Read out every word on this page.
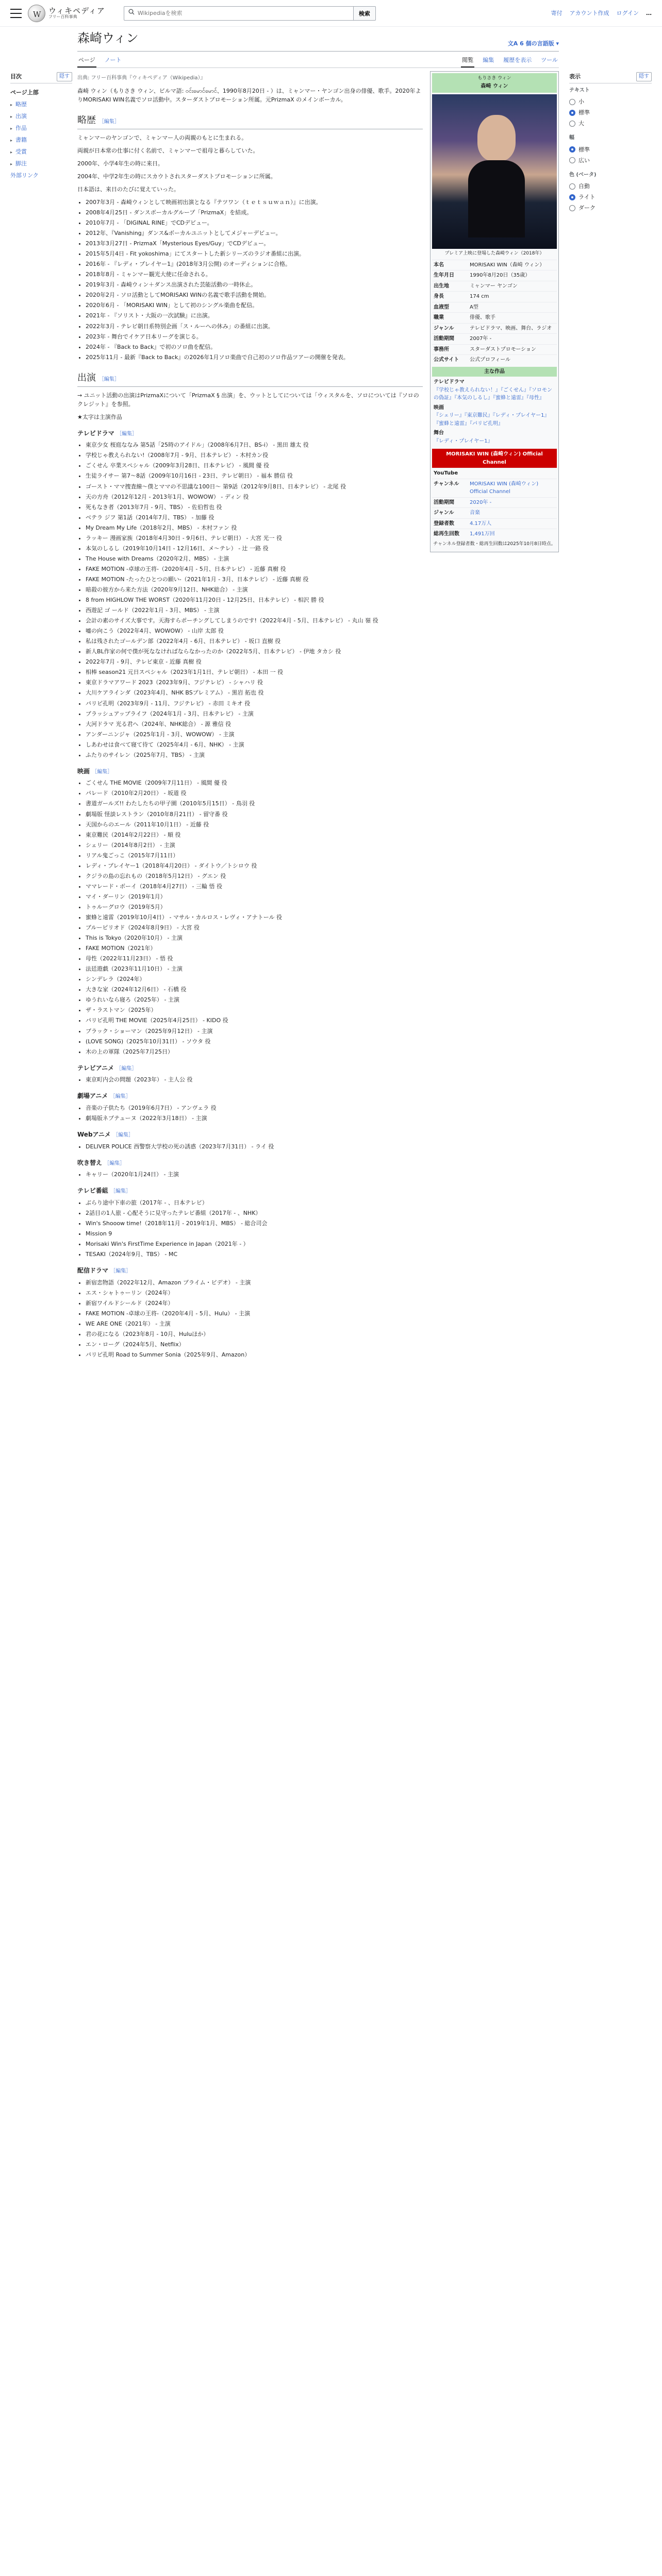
W
ウィキペディア
フリー百科事典
Wikipediaを検索
検索	寄付 アカウント作成 ログイン …
目次	隠す
ページ上部
▸ 略歴
▸ 出演
▸ 作品
▸ 書籍
▸ 受賞
▸ 脚注
外部リンク
森崎ウィン	文A 6 個の言語版 ▾
ページ ノート	閲覧 編集 履歴を表示 ツール
出典: フリー百科事典『ウィキペディア（Wikipedia）』

森崎 ウィン（もりさき ウィン、ビルマ語: ဝင်းမောင်မောင်、1990年8月20日 - ）は、ミャンマー・ヤンゴン出身の俳優、歌手。2020年よりMORISAKI WIN名義でソロ活動中。スターダストプロモーション所属。元PrizmaX のメインボーカル。

略歴 ［編集］

ミャンマーのヤンゴンで、ミャンマー人の両親のもとに生まれる。

両親が日本常の仕事に付く名前で、ミャンマーで祖母と暮らしていた。

2000年、小学4年生の時に来日。

2004年、中学2年生の時にスカウトされスターダストプロモーションに所属。

日本語は、来日のたびに覚えていった。

• 2007年3月 - 森崎ウィンとして映画初出演となる『テツワン（ｔｅｔｓｕｗａｎ）』に出演。
• 2008年4月25日 - ダンスボーカルグループ「PrizmaX」を結成。
• 2010年7月 - 「DIGINAL RINE」でCDデビュー。
• 2012年、『Vanishing』ダンス&ボーカルユニットとしてメジャーデビュー。
• 2013年3月27日 - PrizmaX「Mysterious Eyes/Guy」でCDデビュー。
• 2015年5月4日 - Fit yokoshima」にてスタートした新シリーズのラジオ番組に出演。
• 2016年 - 『レディ・プレイヤー1』(2018年3月公開) のオーディションに合格。
• 2018年8月 - ミャンマー観光大使に任命される。
• 2019年3月 - 森崎ウィン＋ダンス出演された芸能活動の一時休止。
• 2020年2月 - ソロ活動としてMORISAKI WINの名義で歌手活動を開始。
• 2020年6月 - 「MORISAKI WIN」として初のシングル楽曲を配信。
• 2021年 - 『ソリスト・大阪の一次試験』に出演。
• 2022年3月 - テレビ朝日系特別企画「ス・ルーへの休み」の番組に出演。
• 2023年 - 舞台でイケア日本リーグを演じる。
• 2024年 - 『Back to Back』で初のソロ曲を配信。
• 2025年11月 - 最新『Back to Back』の2026年1月ソロ楽曲で自己初のソロ作品ツアーの開催を発表。
出演 ［編集］

→ ユニット活動の出演はPrizmaXについて「PrizmaX § 出演」を、ウットとしてについては「ウィスタルを、ソロについては『ソロのクレジット』を参照。

★太字は主演作品

テレビドラマ ［編集］
• 東京少女 桜庭ななみ 第5話「25時のアイドル」（2008年6月7日、BS-i） - 黒田 雄太 役
• 学校じゃ教えられない!（2008年7月 - 9月、日本テレビ） - 木村カン役
• ごくせん 卒業スペシャル（2009年3月28日、日本テレビ） - 風間 優 役
• 生徒ライサー 第7～8話（2009年10月16日 - 23日、テレビ朝日） - 福本 勝信 役
• ゴースト・ママ捜査線〜僕とママの不思議な100日〜 第9話（2012年9月8日、日本テレビ） - 北尾 役
• 天の方舟（2012年12月 - 2013年1月、WOWOW） - ディン 役
• 死もなき者（2013年7月 - 9月、TBS） - 佐伯哲也 役
• ベテラ ジフ 第1話（2014年7月、TBS） - 加藤 役
• My Dream My Life（2018年2月、MBS） - 木村ファン 役
• ラッキー 漫画家族（2018年4月30日 - 9月6日、テレビ朝日） - 大宮 光一 役
• 本気のしるし（2019年10月14日 - 12月16日、メ〜テレ） - 辻 一路 役
• The House with Dreams（2020年2月、MBS） - 主演
• FAKE MOTION -卓球の王将-（2020年4月 - 5月、日本テレビ） - 近藤 真樹 役
• FAKE MOTION -たったひとつの願い-（2021年1月 - 3月、日本テレビ） - 近藤 真樹 役
• 暗殺の彼方から来た方法（2020年9月12日、NHK総合） - 主演
• 8 from HIGHLOW THE WORST（2020年11月20日 - 12月25日、日本テレビ） - 相沢 勝 役
• 西遊記 ゴ ールド（2022年1月 - 3月、MBS） - 主演
• 会計の素のサイズ大事です。天海すらポーチングしてしまうのです!（2022年4月 - 5月、日本テレビ） - 丸山 嶺 役
• 嘘の向こう（2022年4月、WOWOW） - 山岸 太郎 役
• 私は残されたゴールデン部（2022年4月 - 6月、日本テレビ） - 坂口 直樹 役
• 新人BL作家の何で僕が死ななければならなかったのか（2022年5月、日本テレビ） - 伊地 タカシ 役
• 2022年7月 - 9月、テレビ東京 - 近藤 真樹 役
• 相棒 season21 元日スペシャル（2023年1月1日、テレビ朝日） - 本田 一 役
• 東京ドラマアワード 2023（2023年9月、フジテレビ） - シャハリ 役
• 大川ケアラインダ（2023年4月、NHK BSプレミアム） - 黒岩 拓也 役
• パリピ孔明（2023年9月 - 11月、フジテレビ） - 赤田 ミキオ 役
• ブラッシュアップライフ（2024年1月 - 3月、日本テレビ） - 主演
• 大河ドラマ 光る君へ（2024年、NHK総合） - 源 雅信 役
• アンダーニンジャ（2025年1月 - 3月、WOWOW） - 主演
• しあわせは食べて寝て待て（2025年4月 - 6月、NHK） - 主演
• ふたりのサイレン（2025年7月、TBS） - 主演
映画 ［編集］
• ごくせん THE MOVIE（2009年7月11日） - 風間 優 役
• パレード（2010年2月20日） - 坂道 役
• 書道ガールズ!! わたしたちの甲子園（2010年5月15日） - 鳥羽 役
• 劇場版 怪談レストラン（2010年8月21日） - 留守番 役
• 天国からのエール（2011年10月1日） - 近藤 役
• 東京難民（2014年2月22日） - 順 役
• シェリー（2014年8月2日） - 主演
• リアル鬼ごっこ（2015年7月11日）
• レディ・プレイヤー1（2018年4月20日） - ダイトウ／トシロウ 役
• クジラの島の忘れもの（2018年5月12日） - グエン 役
• ママレード・ボーイ（2018年4月27日） - 三輪 悟 役
• マイ・ダーリン（2019年1月）
• トゥルーグロウ（2019年5月）
• 蜜蜂と遠雷（2019年10月4日） - マサル・カルロス・レヴィ・アナトール 役
• ブルーピリオド（2024年8月9日） - 大宮 役
• This is Tokyo（2020年10月） - 主演
• FAKE MOTION（2021年）
• 母性（2022年11月23日） - 悟 役
• 法廷遊戯（2023年11月10日） - 主演
• シンデレラ（2024年）
• 大きな家（2024年12月6日） - 石橋 役
• ゆうれいなら寝ろ（2025年） - 主演
• ザ・ラストマン（2025年）
• パリピ孔明 THE MOVIE（2025年4月25日） - KIDO 役
• ブラック・ショーマン（2025年9月12日） - 主演
• (LOVE SONG)（2025年10月31日） - ソウタ 役
• 木の上の軍隊（2025年7月25日）
テレビアニメ ［編集］
• 東京町内会の問題（2023年） - 主人公 役
劇場アニメ ［編集］
• 音楽の子供たち（2019年6月7日） - アンヴェラ 役
• 劇場版ネプテューヌ（2022年3月18日） - 主演
Webアニメ ［編集］
• DELIVER POLICE 西警察大学校の死の誘惑（2023年7月31日） - ライ 役
吹き替え ［編集］
• キャリー（2020年1月24日） - 主演
テレビ番組 ［編集］
• ぶらり途中下車の旅（2017年 - 、日本テレビ）
• 2話目の1人旅 - 心配そうに見守ったテレビ番組（2017年 - 、NHK）
• Win's Shooow time!（2018年11月 - 2019年1月、MBS） - 総合司会
• Mission 9
• Morisaki Win's FirstTime Experience in Japan（2021年 - ）
• TESAKI（2024年9月、TBS） - MC
配信ドラマ ［編集］
• 新宿恋物語（2022年12月、Amazon プライム・ビデオ） - 主演
• エス・シャトゥーリン（2024年）
• 新宿ワイルドシールド（2024年）
• FAKE MOTION -卓球の王将-（2020年4月 - 5月、Hulu） - 主演
• WE ARE ONE（2021年） - 主演
• 君の花になる（2023年8月 - 10月、Huluほか）
• エン・ローグ（2024年5月、Netflix）
• パリピ孔明 Road to Summer Sonia（2025年9月、Amazon）
もりさき ウィン
森崎 ウィン
プレミア上映に登場した森崎ウィン（2018年）
本名	MORISAKI WIN（森崎 ウィン）
生年月日	1990年8月20日（35歳）
出生地	ミャンマー ヤンゴン
身長	174 cm
血液型	A型
職業	俳優、歌手
ジャンル	テレビドラマ、映画、舞台、ラジオ
活動期間	2007年 -
事務所	スターダストプロモーション
公式サイト	公式プロフィール
主な作品
テレビドラマ
『学校じゃ教えられない！』『ごくせん』『ソロモンの偽証』『本気のしるし』『蜜蜂と遠雷』『母性』
映画
『シェリー』『東京難民』『レディ・プレイヤー1』『蜜蜂と遠雷』『パリピ孔明』
舞台
『レディ・プレイヤー1』
MORISAKI WIN (森崎ウィン) Official Channel
YouTube
チャンネル	MORISAKI WIN (森崎ウィン) Official Channel
活動期間	2020年 -
ジャンル	音楽
登録者数	4.17万人
総再生回数	1,491万回
チャンネル登録者数・総再生回数は2025年10月8日時点。
表示	隠す
テキスト
小
標準
大
幅
標準
広い
色 (ベータ)
自動
ライト
ダーク
